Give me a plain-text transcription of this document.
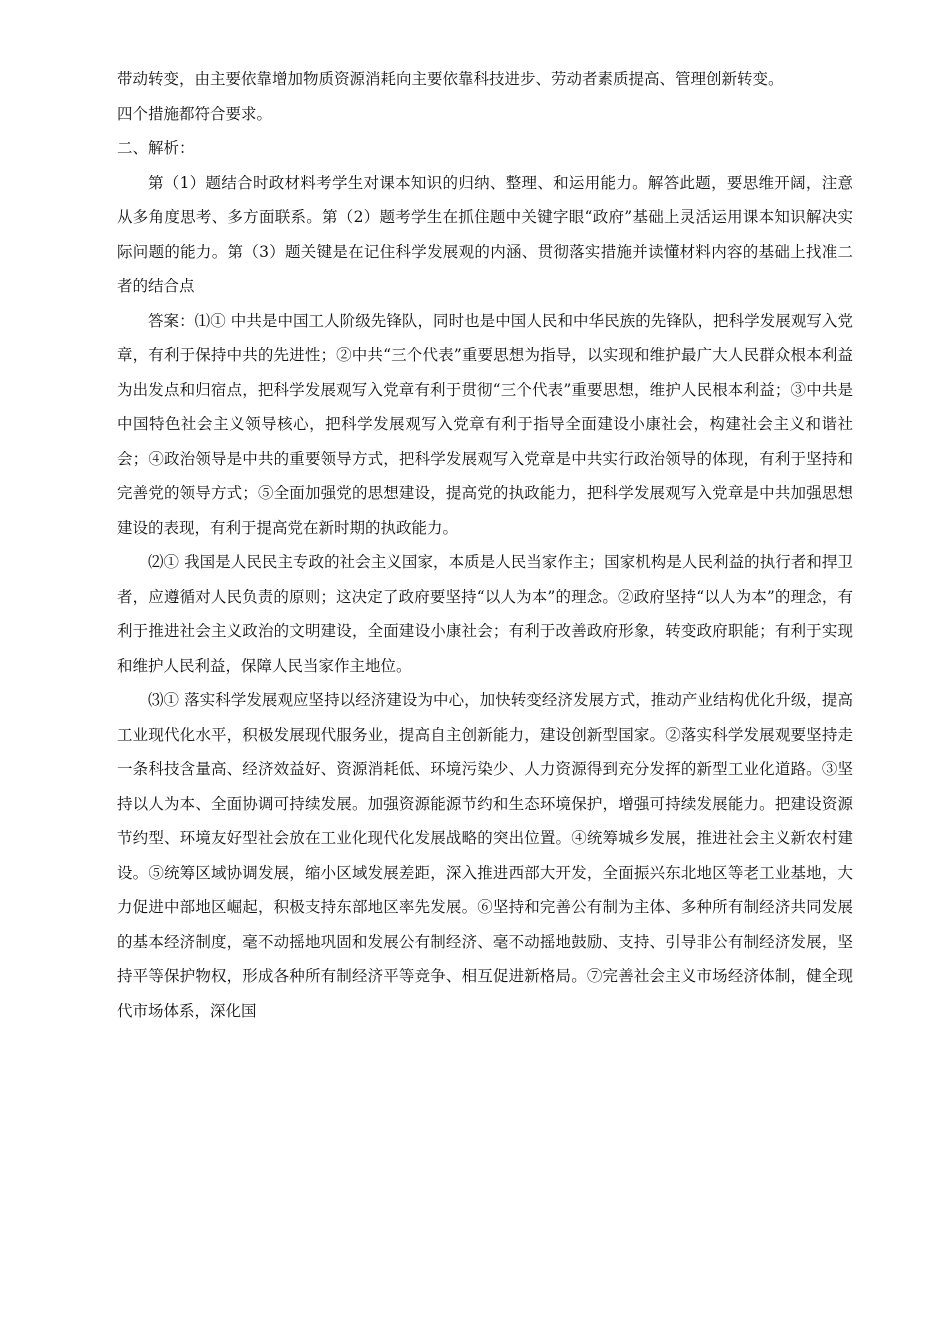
带动转变，由主要依靠增加物质资源消耗向主要依靠科技进步、劳动者素质提高、管理创新转变。

四个措施都符合要求。

二、解析：

第（1）题结合时政材料考学生对课本知识的归纳、整理、和运用能力。解答此题，要思维开阔，注意从多角度思考、多方面联系。第（2）题考学生在抓住题中关键字眼“政府”基础上灵活运用课本知识解决实际问题的能力。第（3）题关键是在记住科学发展观的内涵、贯彻落实措施并读懂材料内容的基础上找准二者的结合点

答案：⑴① 中共是中国工人阶级先锋队，同时也是中国人民和中华民族的先锋队，把科学发展观写入党章，有利于保持中共的先进性；②中共“三个代表”重要思想为指导，以实现和维护最广大人民群众根本利益为出发点和归宿点，把科学发展观写入党章有利于贯彻“三个代表”重要思想，维护人民根本利益；③中共是中国特色社会主义领导核心，把科学发展观写入党章有利于指导全面建设小康社会，构建社会主义和谐社会；④政治领导是中共的重要领导方式，把科学发展观写入党章是中共实行政治领导的体现，有利于坚持和完善党的领导方式；⑤全面加强党的思想建设，提高党的执政能力，把科学发展观写入党章是中共加强思想建设的表现，有利于提高党在新时期的执政能力。

⑵① 我国是人民民主专政的社会主义国家，本质是人民当家作主；国家机构是人民利益的执行者和捍卫者，应遵循对人民负责的原则；这决定了政府要坚持“以人为本”的理念。②政府坚持“以人为本”的理念，有利于推进社会主义政治的文明建设，全面建设小康社会；有利于改善政府形象，转变政府职能；有利于实现和维护人民利益，保障人民当家作主地位。

⑶① 落实科学发展观应坚持以经济建设为中心，加快转变经济发展方式，推动产业结构优化升级，提高工业现代化水平，积极发展现代服务业，提高自主创新能力，建设创新型国家。②落实科学发展观要坚持走一条科技含量高、经济效益好、资源消耗低、环境污染少、人力资源得到充分发挥的新型工业化道路。③坚持以人为本、全面协调可持续发展。加强资源能源节约和生态环境保护，增强可持续发展能力。把建设资源节约型、环境友好型社会放在工业化现代化发展战略的突出位置。④统筹城乡发展，推进社会主义新农村建设。⑤统筹区域协调发展，缩小区域发展差距，深入推进西部大开发，全面振兴东北地区等老工业基地，大力促进中部地区崛起，积极支持东部地区率先发展。⑥坚持和完善公有制为主体、多种所有制经济共同发展的基本经济制度，毫不动摇地巩固和发展公有制经济、毫不动摇地鼓励、支持、引导非公有制经济发展，坚持平等保护物权，形成各种所有制经济平等竞争、相互促进新格局。⑦完善社会主义市场经济体制，健全现代市场体系，深化国
